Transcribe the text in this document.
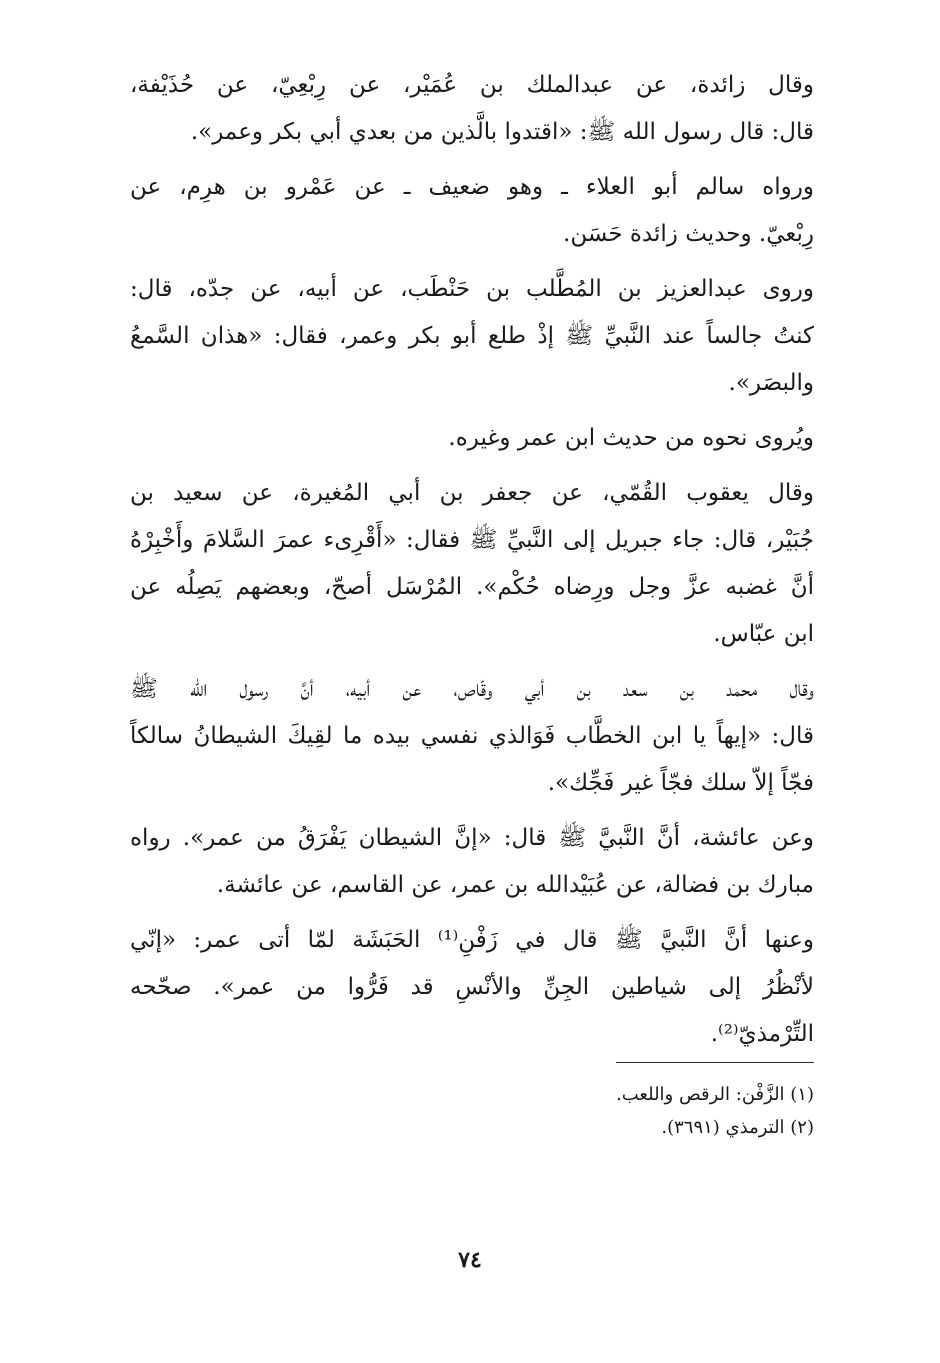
وقال زائدة، عن عبدالملك بن عُمَيْر، عن رِبْعِيّ، عن حُذَيْفة،
قال: قال رسول الله ﷺ: «اقتدوا بالَّذين من بعدي أبي بكر وعمر».
ورواه سالم أبو العلاء ـ وهو ضعيف ـ عن عَمْرو بن هرِم، عن
رِبْعيّ. وحديث زائدة حَسَن.
وروى عبدالعزيز بن المُطَّلب بن حَنْطَب، عن أبيه، عن جدّه، قال:
كنتُ جالساً عند النَّبيِّ ﷺ إذْ طلع أبو بكر وعمر، فقال: «هذان السَّمعُ
والبصَر».
ويُروى نحوه من حديث ابن عمر وغيره.
وقال يعقوب القُمّي، عن جعفر بن أبي المُغيرة، عن سعيد بن
جُبَيْر، قال: جاء جبريل إلى النَّبيِّ ﷺ فقال: «أَقْرِىء عمرَ السَّلامَ وأَخْبِرْهُ
أنَّ غضبه عزَّ وجل ورِضاه حُكْم». المُرْسَل أصحّ، وبعضهم يَصِلُه عن
ابن عبّاس.
وقال محمد بن سعد بن أبي وقّاص، عن أبيه، أنَّ رسول الله ﷺ
قال: «إيهاً يا ابن الخطَّاب فَوَالذي نفسي بيده ما لقِيكَ الشيطانُ سالكاً
فجّاً إلاّ سلك فجّاً غير فَجِّك».
وعن عائشة، أنَّ النَّبيَّ ﷺ قال: «إنَّ الشيطان يَفْرَقُ من عمر». رواه
مبارك بن فضالة، عن عُبَيْدالله بن عمر، عن القاسم، عن عائشة.
وعنها أنَّ النَّبيَّ ﷺ قال في زَفْنِ⁽¹⁾ الحَبَشَة لمّا أتى عمر: «إنّي
لأنْظُرُ إلى شياطين الجِنِّ والأنْسِ قد فَرُّوا من عمر». صحّحه
التِّرْمذيّ⁽²⁾.
(١) الزَّفْن: الرقص واللعب.
(٢) الترمذي (٣٦٩١).
٧٤
